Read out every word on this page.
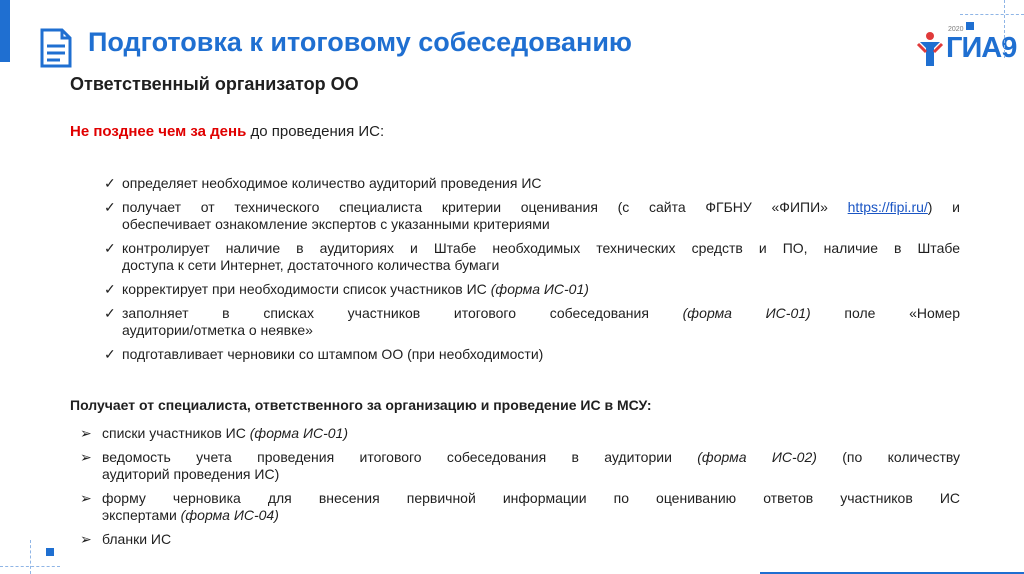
Подготовка к итоговому собеседованию
Ответственный организатор ОО
2020
ГИА9
Не позднее чем за день до проведения ИС:
✓ определяет необходимое количество аудиторий проведения ИС
✓ получает от технического специалиста критерии оценивания (с сайта ФГБНУ «ФИПИ» https://fipi.ru/) и
обеспечивает ознакомление экспертов с указанными критериями
✓ контролирует наличие в аудиториях и Штабе необходимых технических средств и ПО, наличие в Штабе
доступа к сети Интернет, достаточного количества бумаги
✓ корректирует при необходимости список участников ИС (форма ИС-01)
✓ заполняет в списках участников итогового собеседования (форма ИС-01) поле «Номер
аудитории/отметка о неявке»
✓ подготавливает черновики со штампом ОО (при необходимости)
Получает от специалиста, ответственного за организацию и проведение ИС в МСУ:
➢ списки участников ИС (форма ИС-01)
➢ ведомость учета проведения итогового собеседования в аудитории (форма ИС-02) (по количеству
аудиторий проведения ИС)
➢ форму черновика для внесения первичной информации по оцениванию ответов участников ИС
экспертами (форма ИС-04)
➢ бланки ИС
